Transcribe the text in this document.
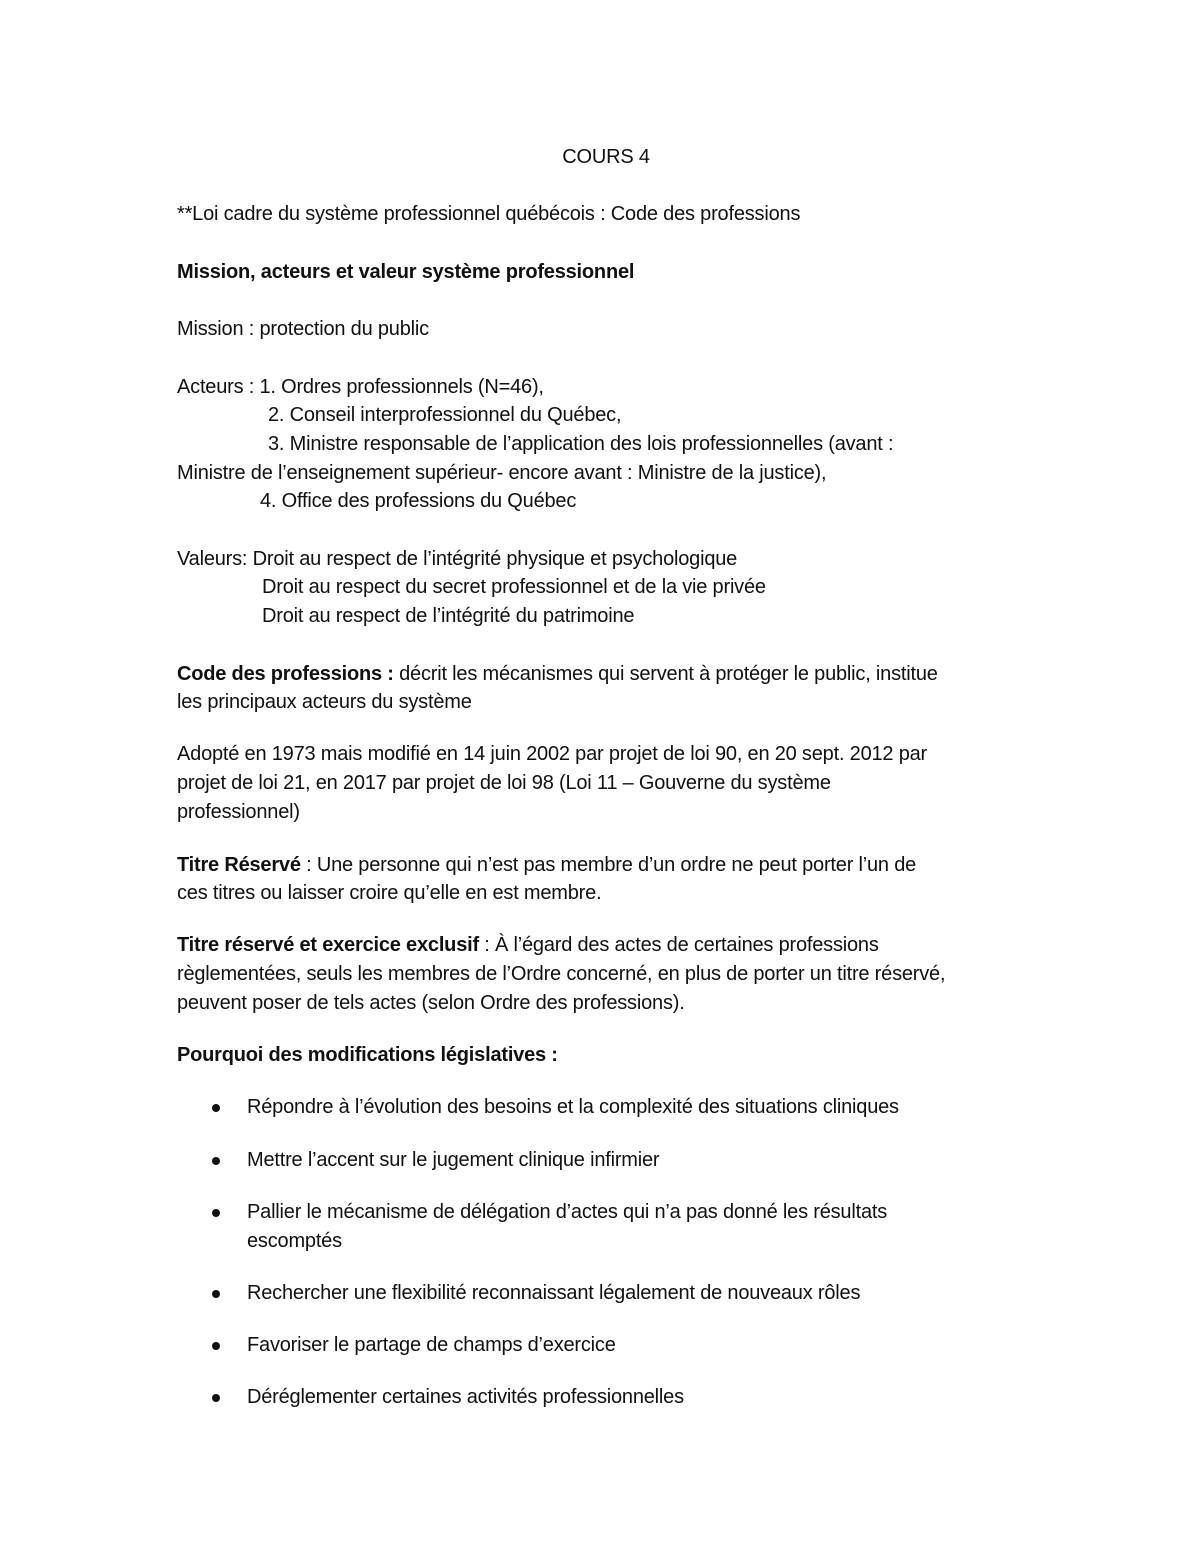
COURS 4
**Loi cadre du système professionnel québécois : Code des professions
Mission, acteurs et valeur système professionnel
Mission : protection du public
Acteurs : 1. Ordres professionnels (N=46),
2. Conseil interprofessionnel du Québec,
3. Ministre responsable de l’application des lois professionnelles (avant :
Ministre de l’enseignement supérieur- encore avant : Ministre de la justice),
4. Office des professions du Québec
Valeurs: Droit au respect de l’intégrité physique et psychologique
Droit au respect du secret professionnel et de la vie privée
Droit au respect de l’intégrité du patrimoine
Code des professions : décrit les mécanismes qui servent à protéger le public, institue
les principaux acteurs du système
Adopté en 1973 mais modifié en 14 juin 2002 par projet de loi 90, en 20 sept. 2012 par
projet de loi 21, en 2017 par projet de loi 98 (Loi 11 – Gouverne du système
professionnel)
Titre Réservé : Une personne qui n’est pas membre d’un ordre ne peut porter l’un de
ces titres ou laisser croire qu’elle en est membre.
Titre réservé et exercice exclusif : À l’égard des actes de certaines professions
règlementées, seuls les membres de l’Ordre concerné, en plus de porter un titre réservé,
peuvent poser de tels actes (selon Ordre des professions).
Pourquoi des modifications législatives :
Répondre à l’évolution des besoins et la complexité des situations cliniques
Mettre l’accent sur le jugement clinique infirmier
Pallier le mécanisme de délégation d’actes qui n’a pas donné les résultats
escomptés
Rechercher une flexibilité reconnaissant légalement de nouveaux rôles
Favoriser le partage de champs d’exercice
Déréglementer certaines activités professionnelles
